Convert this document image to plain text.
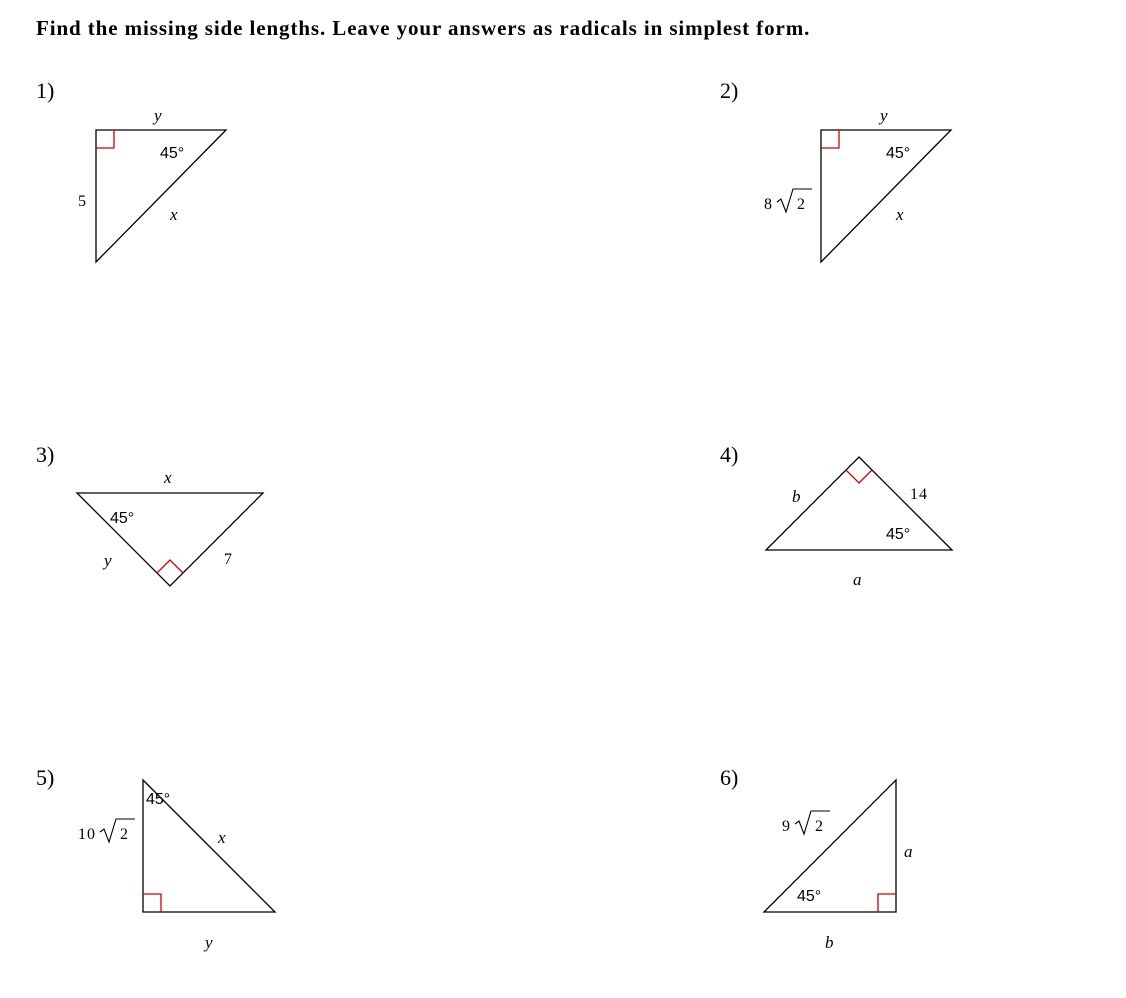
Find the missing side lengths. Leave your answers as radicals in simplest form.
1)
45°
y
5
x
2)
45°
y
8 2
x
3)
45°
x
y	7
4)
45°
b	14
a
5)
45°
10 2	x
y
6)
45°
9 2
a
b
